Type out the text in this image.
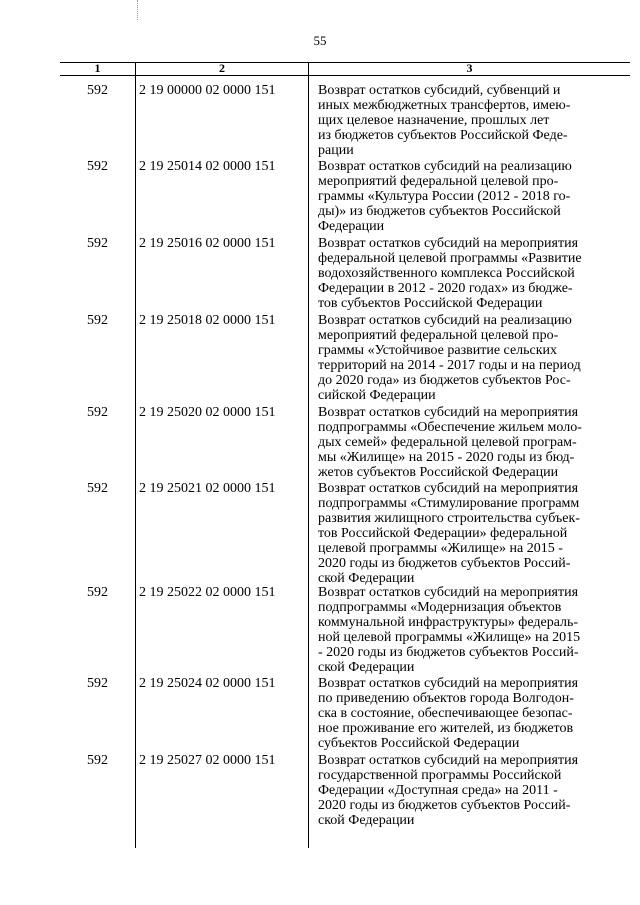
55
1	2	3
592	2 19 00000 02 0000 151	Возврат остатков субсидий, субвенций и
иных межбюджетных трансфертов, имею-
щих целевое назначение, прошлых лет
из бюджетов субъектов Российской Феде-
рации
592	2 19 25014 02 0000 151	Возврат остатков субсидий на реализацию
мероприятий федеральной целевой про-
граммы «Культура России (2012 - 2018 го-
ды)» из бюджетов субъектов Российской
Федерации
592	2 19 25016 02 0000 151	Возврат остатков субсидий на мероприятия
федеральной целевой программы «Развитие
водохозяйственного комплекса Российской
Федерации в 2012 - 2020 годах» из бюдже-
тов субъектов Российской Федерации
592	2 19 25018 02 0000 151	Возврат остатков субсидий на реализацию
мероприятий федеральной целевой про-
граммы «Устойчивое развитие сельских
территорий на 2014 - 2017 годы и на период
до 2020 года» из бюджетов субъектов Рос-
сийской Федерации
592	2 19 25020 02 0000 151	Возврат остатков субсидий на мероприятия
подпрограммы «Обеспечение жильем моло-
дых семей» федеральной целевой програм-
мы «Жилище» на 2015 - 2020 годы из бюд-
жетов субъектов Российской Федерации
592	2 19 25021 02 0000 151	Возврат остатков субсидий на мероприятия
подпрограммы «Стимулирование программ
развития жилищного строительства субъек-
тов Российской Федерации» федеральной
целевой программы «Жилище» на 2015 -
2020 годы из бюджетов субъектов Россий-
ской Федерации
592	2 19 25022 02 0000 151	Возврат остатков субсидий на мероприятия
подпрограммы «Модернизация объектов
коммунальной инфраструктуры» федераль-
ной целевой программы «Жилище» на 2015
- 2020 годы из бюджетов субъектов Россий-
ской Федерации
592	2 19 25024 02 0000 151	Возврат остатков субсидий на мероприятия
по приведению объектов города Волгодон-
ска в состояние, обеспечивающее безопас-
ное проживание его жителей, из бюджетов
субъектов Российской Федерации
592	2 19 25027 02 0000 151	Возврат остатков субсидий на мероприятия
государственной программы Российской
Федерации «Доступная среда» на 2011 -
2020 годы из бюджетов субъектов Россий-
ской Федерации
